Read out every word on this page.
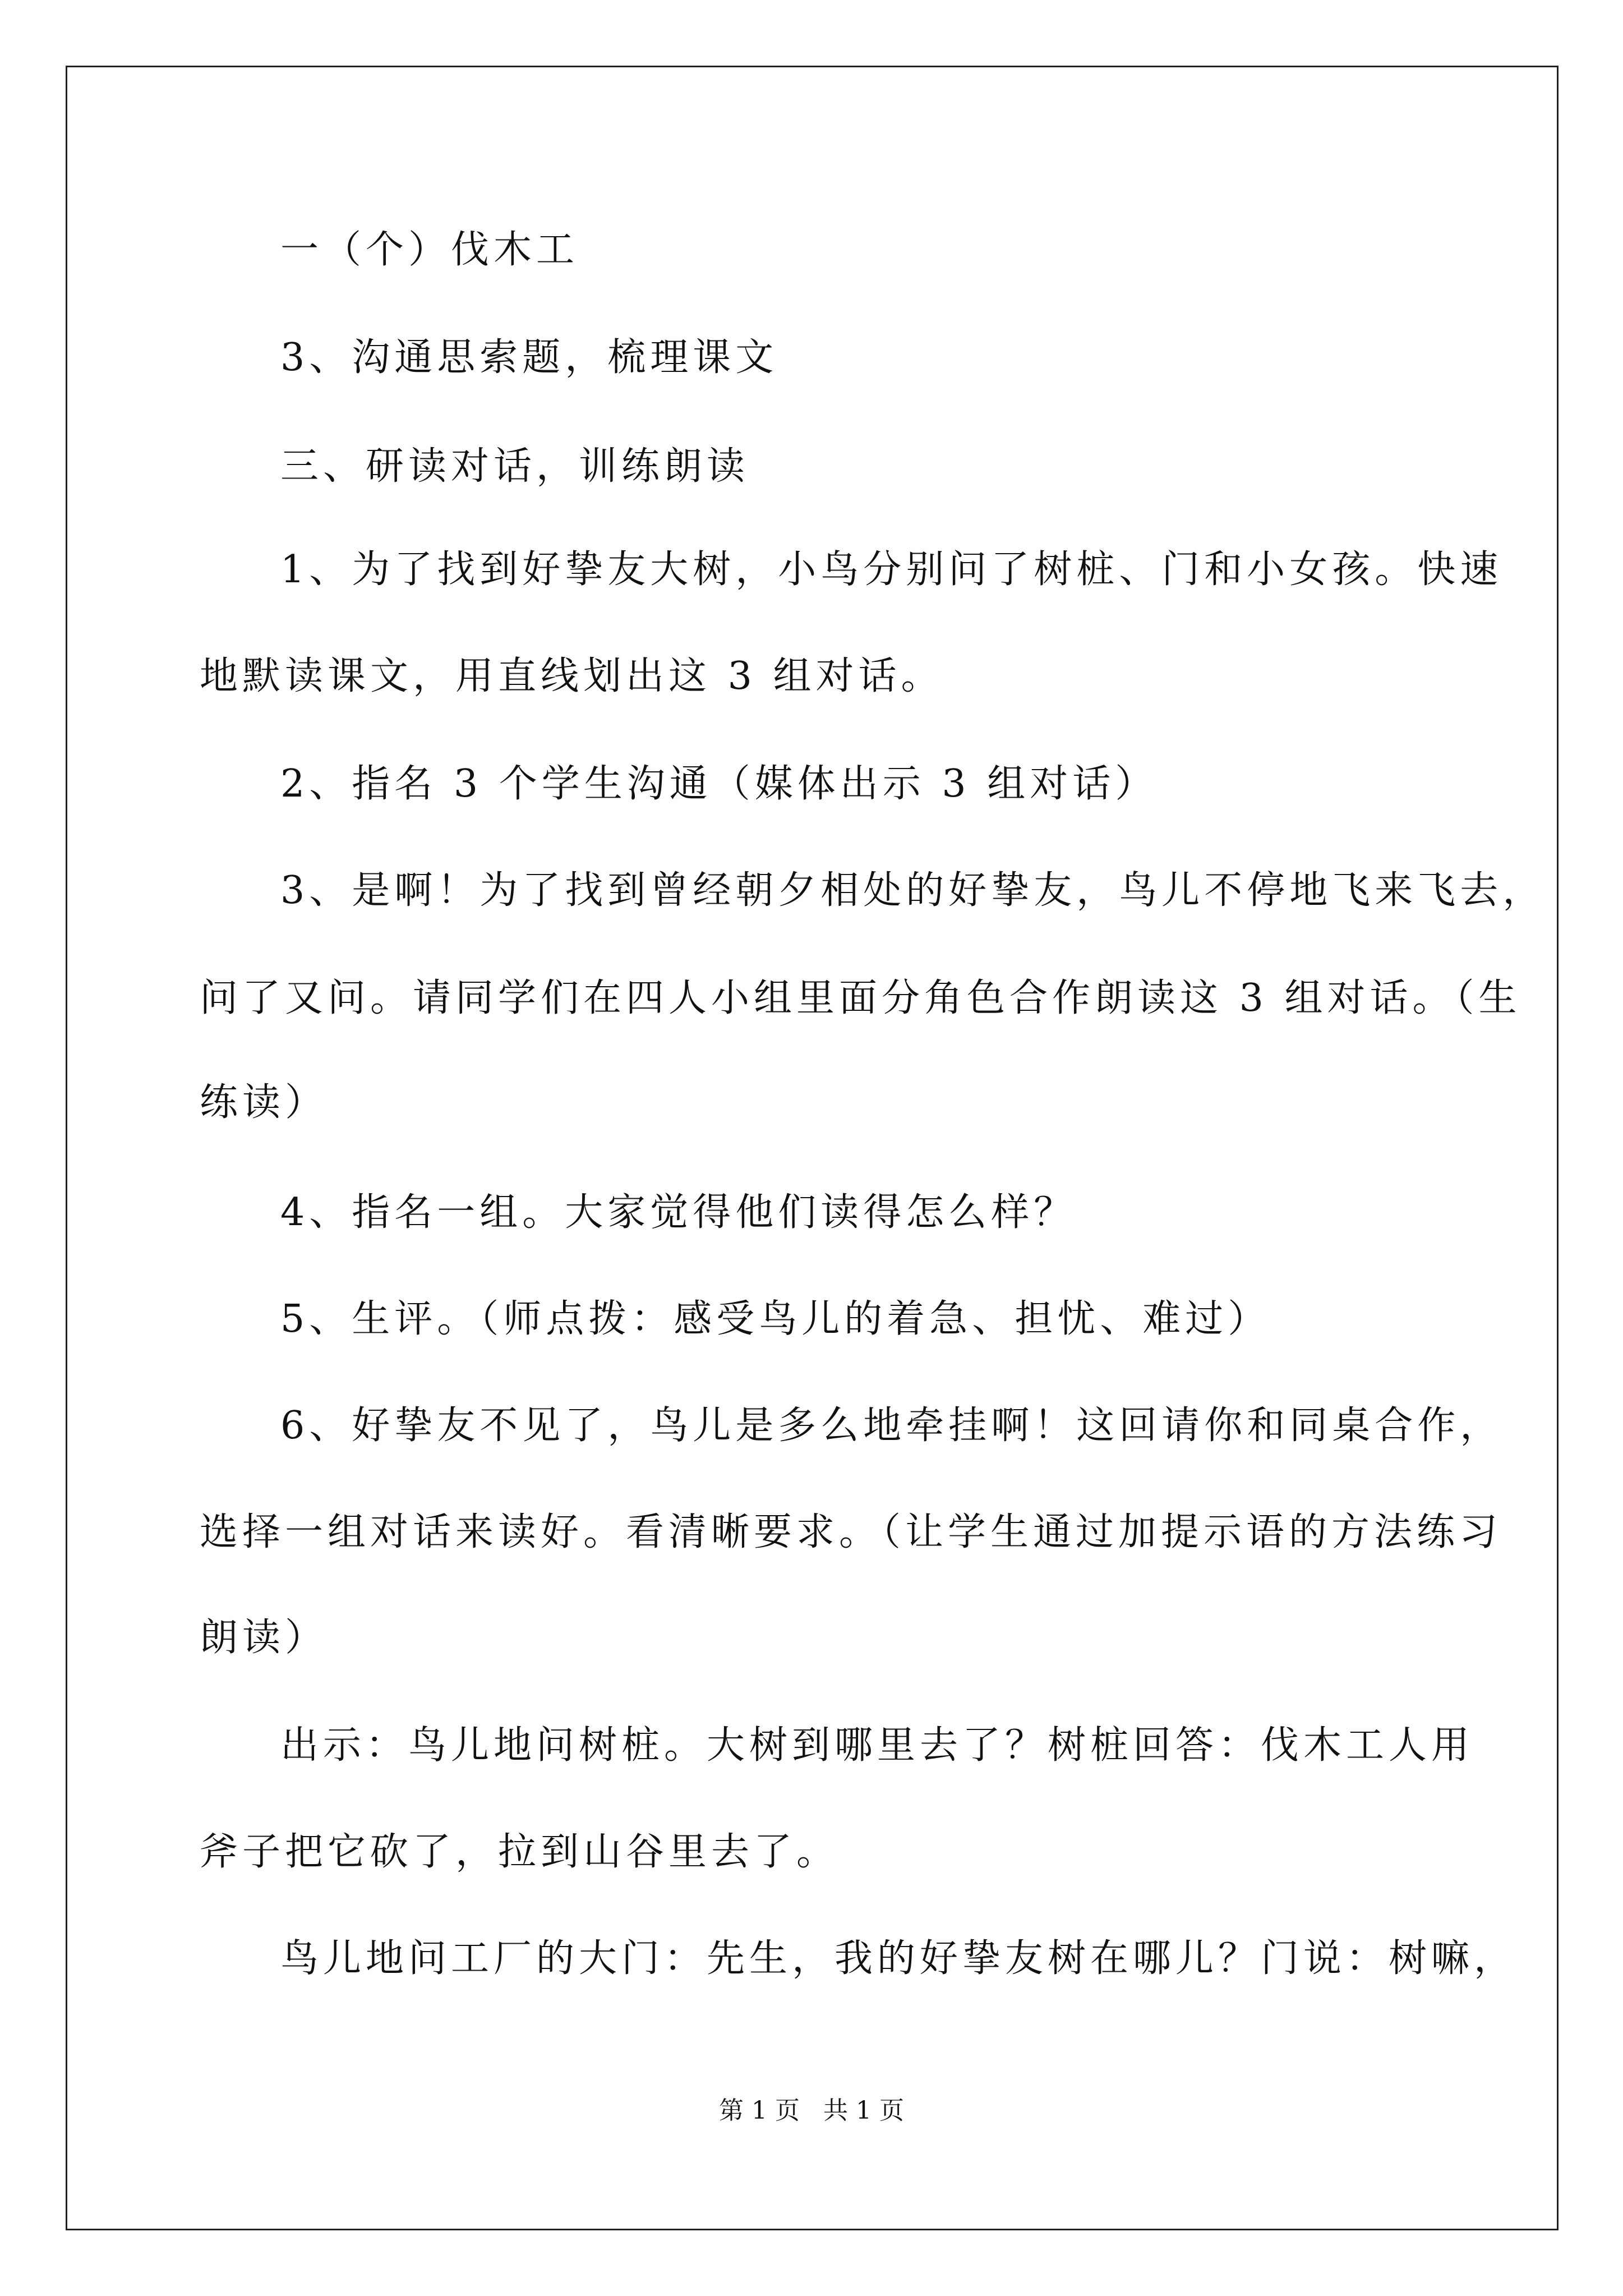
一（个）伐木工
3、沟通思索题，梳理课文
三、研读对话，训练朗读
1、为了找到好挚友大树，小鸟分别问了树桩、门和小女孩。快速
地默读课文，用直线划出这 3 组对话。
2、指名 3 个学生沟通（媒体出示 3 组对话）
3、是啊！为了找到曾经朝夕相处的好挚友，鸟儿不停地飞来飞去，
问了又问。请同学们在四人小组里面分角色合作朗读这 3 组对话。（生
练读）
4、指名一组。大家觉得他们读得怎么样？
5、生评。（师点拨：感受鸟儿的着急、担忧、难过）
6、好挚友不见了，鸟儿是多么地牵挂啊！这回请你和同桌合作，
选择一组对话来读好。看清晰要求。（让学生通过加提示语的方法练习
朗读）
出示：鸟儿地问树桩。大树到哪里去了？树桩回答：伐木工人用
斧子把它砍了，拉到山谷里去了。
鸟儿地问工厂的大门：先生，我的好挚友树在哪儿？门说：树嘛，
第 1 页   共 1 页
